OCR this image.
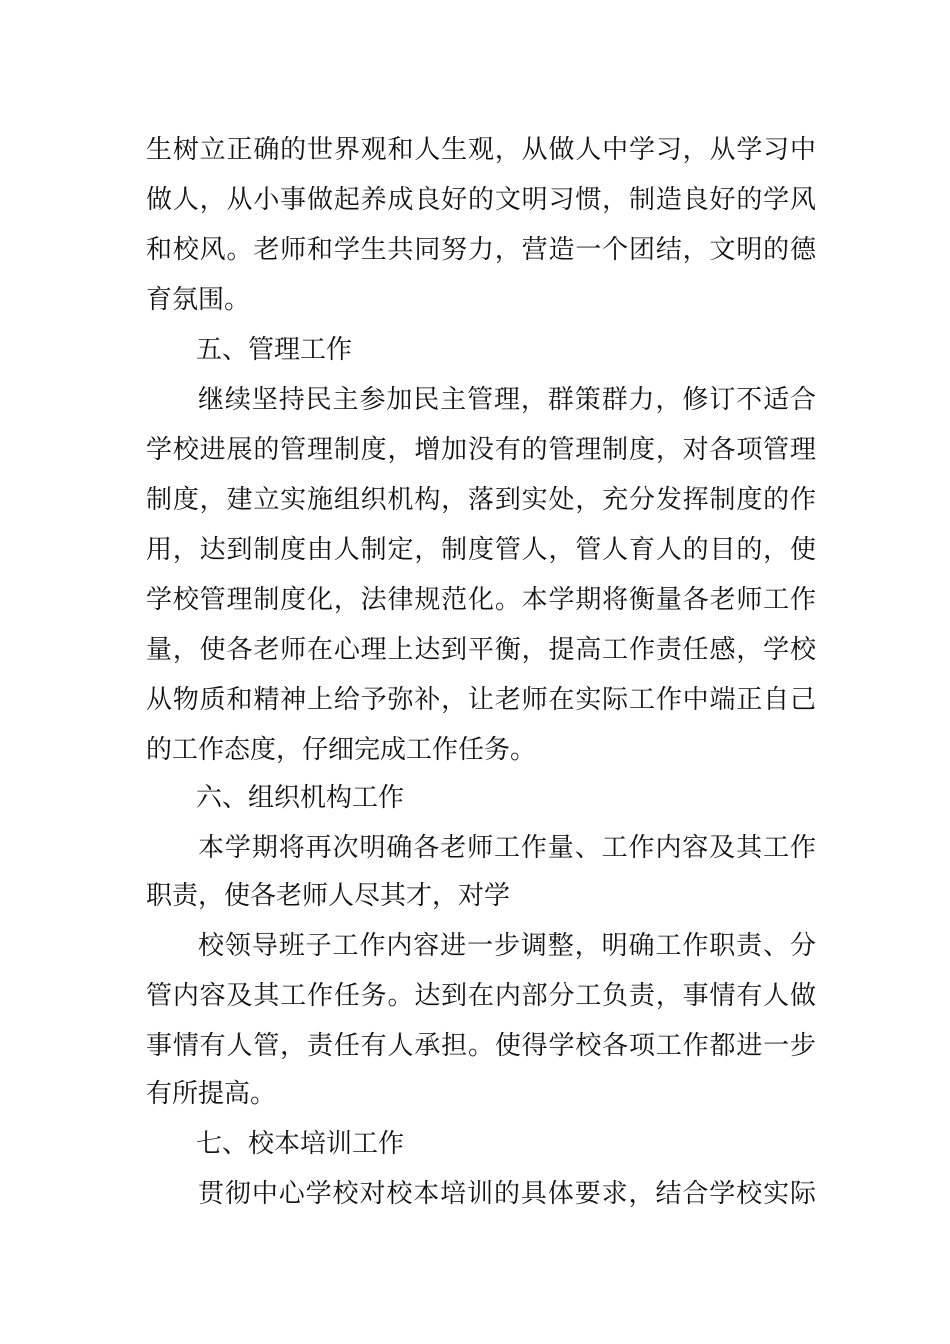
生树立正确的世界观和人生观，从做人中学习，从学习中
做人，从小事做起养成良好的文明习惯，制造良好的学风
和校风。老师和学生共同努力，营造一个团结，文明的德
育氛围。
五、管理工作
继续坚持民主参加民主管理，群策群力，修订不适合
学校进展的管理制度，增加没有的管理制度，对各项管理
制度，建立实施组织机构，落到实处，充分发挥制度的作
用，达到制度由人制定，制度管人，管人育人的目的，使
学校管理制度化，法律规范化。本学期将衡量各老师工作
量，使各老师在心理上达到平衡，提高工作责任感，学校
从物质和精神上给予弥补，让老师在实际工作中端正自己
的工作态度，仔细完成工作任务。
六、组织机构工作
本学期将再次明确各老师工作量、工作内容及其工作
职责，使各老师人尽其才，对学
校领导班子工作内容进一步调整，明确工作职责、分
管内容及其工作任务。达到在内部分工负责，事情有人做
事情有人管，责任有人承担。使得学校各项工作都进一步
有所提高。
七、校本培训工作
贯彻中心学校对校本培训的具体要求，结合学校实际
